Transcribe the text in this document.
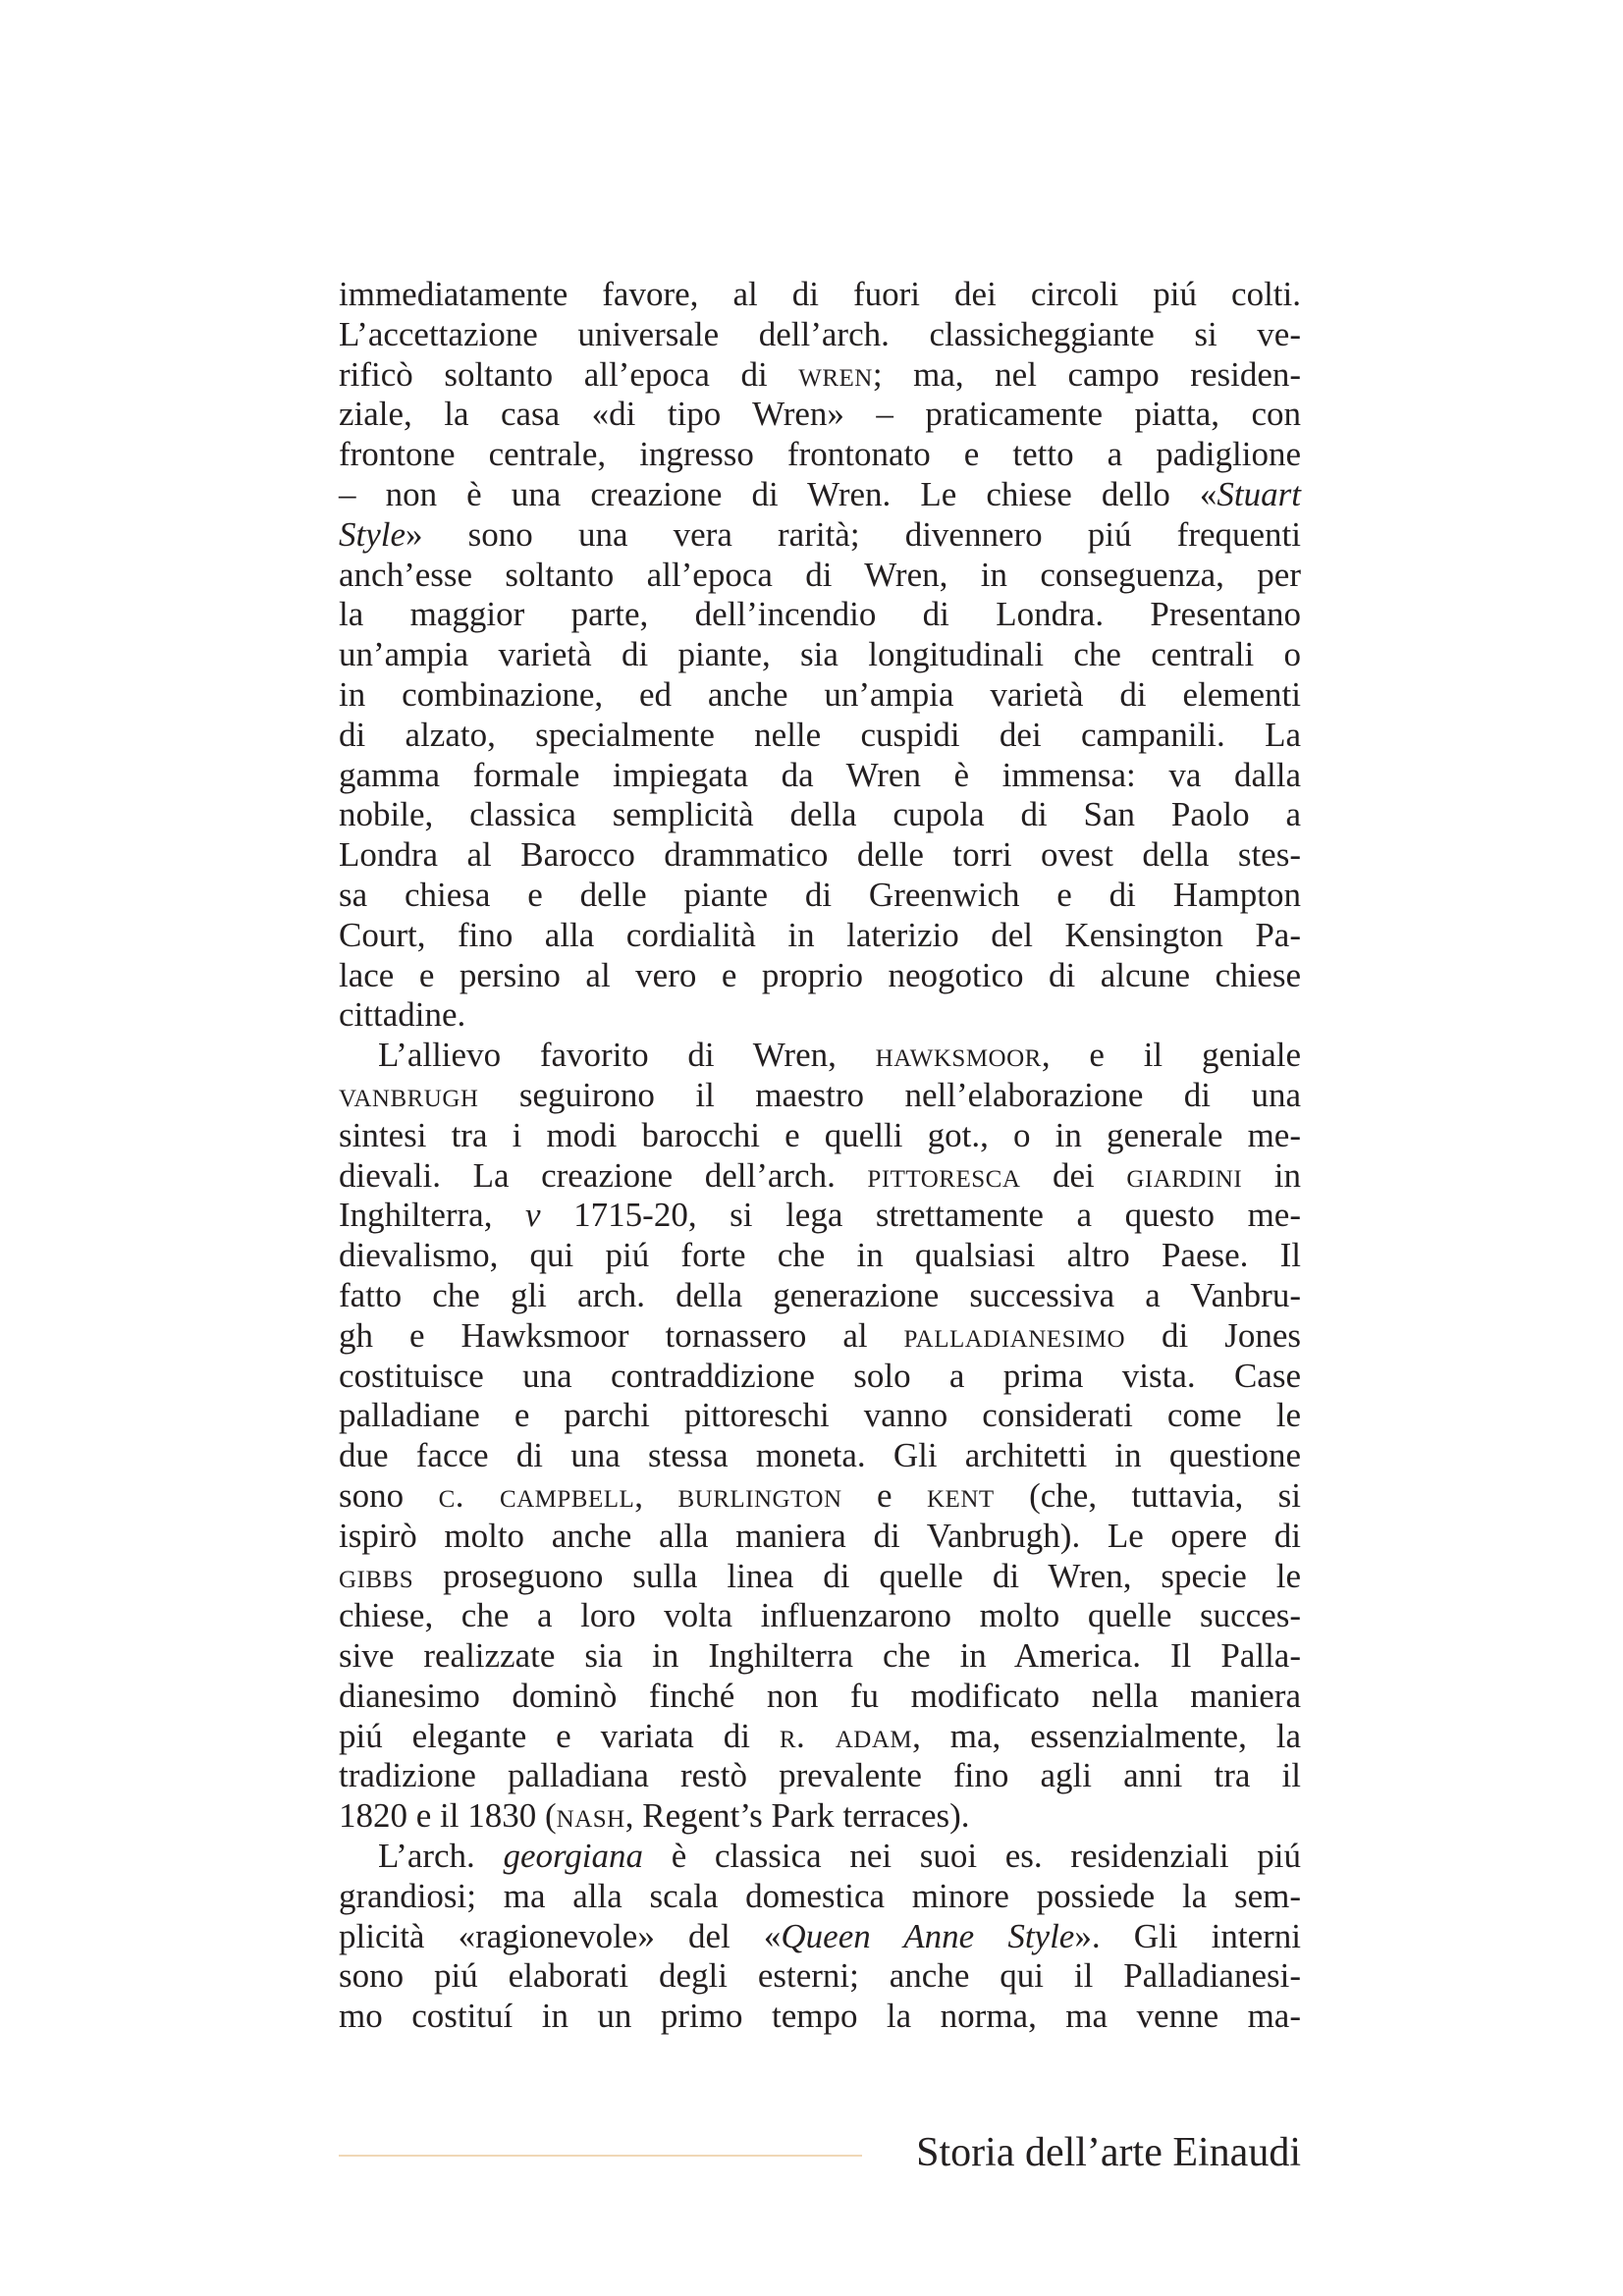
immediatamente favore, al di fuori dei circoli piú colti.
L’accettazione universale dell’arch. classicheggiante si ve-
rificò soltanto all’epoca di wren; ma, nel campo residen-
ziale, la casa «di tipo Wren» – praticamente piatta, con
frontone centrale, ingresso frontonato e tetto a padiglione
– non è una creazione di Wren. Le chiese dello «Stuart
Style» sono una vera rarità; divennero piú frequenti
anch’esse soltanto all’epoca di Wren, in conseguenza, per
la maggior parte, dell’incendio di Londra. Presentano
un’ampia varietà di piante, sia longitudinali che centrali o
in combinazione, ed anche un’ampia varietà di elementi
di alzato, specialmente nelle cuspidi dei campanili. La
gamma formale impiegata da Wren è immensa: va dalla
nobile, classica semplicità della cupola di San Paolo a
Londra al Barocco drammatico delle torri ovest della stes-
sa chiesa e delle piante di Greenwich e di Hampton
Court, fino alla cordialità in laterizio del Kensington Pa-
lace e persino al vero e proprio neogotico di alcune chiese
cittadine.
L’allievo favorito di Wren, hawksmoor, e il geniale
vanbrugh seguirono il maestro nell’elaborazione di una
sintesi tra i modi barocchi e quelli got., o in generale me-
dievali. La creazione dell’arch. pittoresca dei giardini in
Inghilterra, v 1715-20, si lega strettamente a questo me-
dievalismo, qui piú forte che in qualsiasi altro Paese. Il
fatto che gli arch. della generazione successiva a Vanbru-
gh e Hawksmoor tornassero al palladianesimo di Jones
costituisce una contraddizione solo a prima vista. Case
palladiane e parchi pittoreschi vanno considerati come le
due facce di una stessa moneta. Gli architetti in questione
sono c. campbell, burlington e kent (che, tuttavia, si
ispirò molto anche alla maniera di Vanbrugh). Le opere di
gibbs proseguono sulla linea di quelle di Wren, specie le
chiese, che a loro volta influenzarono molto quelle succes-
sive realizzate sia in Inghilterra che in America. Il Palla-
dianesimo dominò finché non fu modificato nella maniera
piú elegante e variata di r. adam, ma, essenzialmente, la
tradizione palladiana restò prevalente fino agli anni tra il
1820 e il 1830 (nash, Regent’s Park terraces).
L’arch. georgiana è classica nei suoi es. residenziali piú
grandiosi; ma alla scala domestica minore possiede la sem-
plicità «ragionevole» del «Queen Anne Style». Gli interni
sono piú elaborati degli esterni; anche qui il Palladianesi-
mo costituí in un primo tempo la norma, ma venne ma-
Storia dell’arte Einaudi
